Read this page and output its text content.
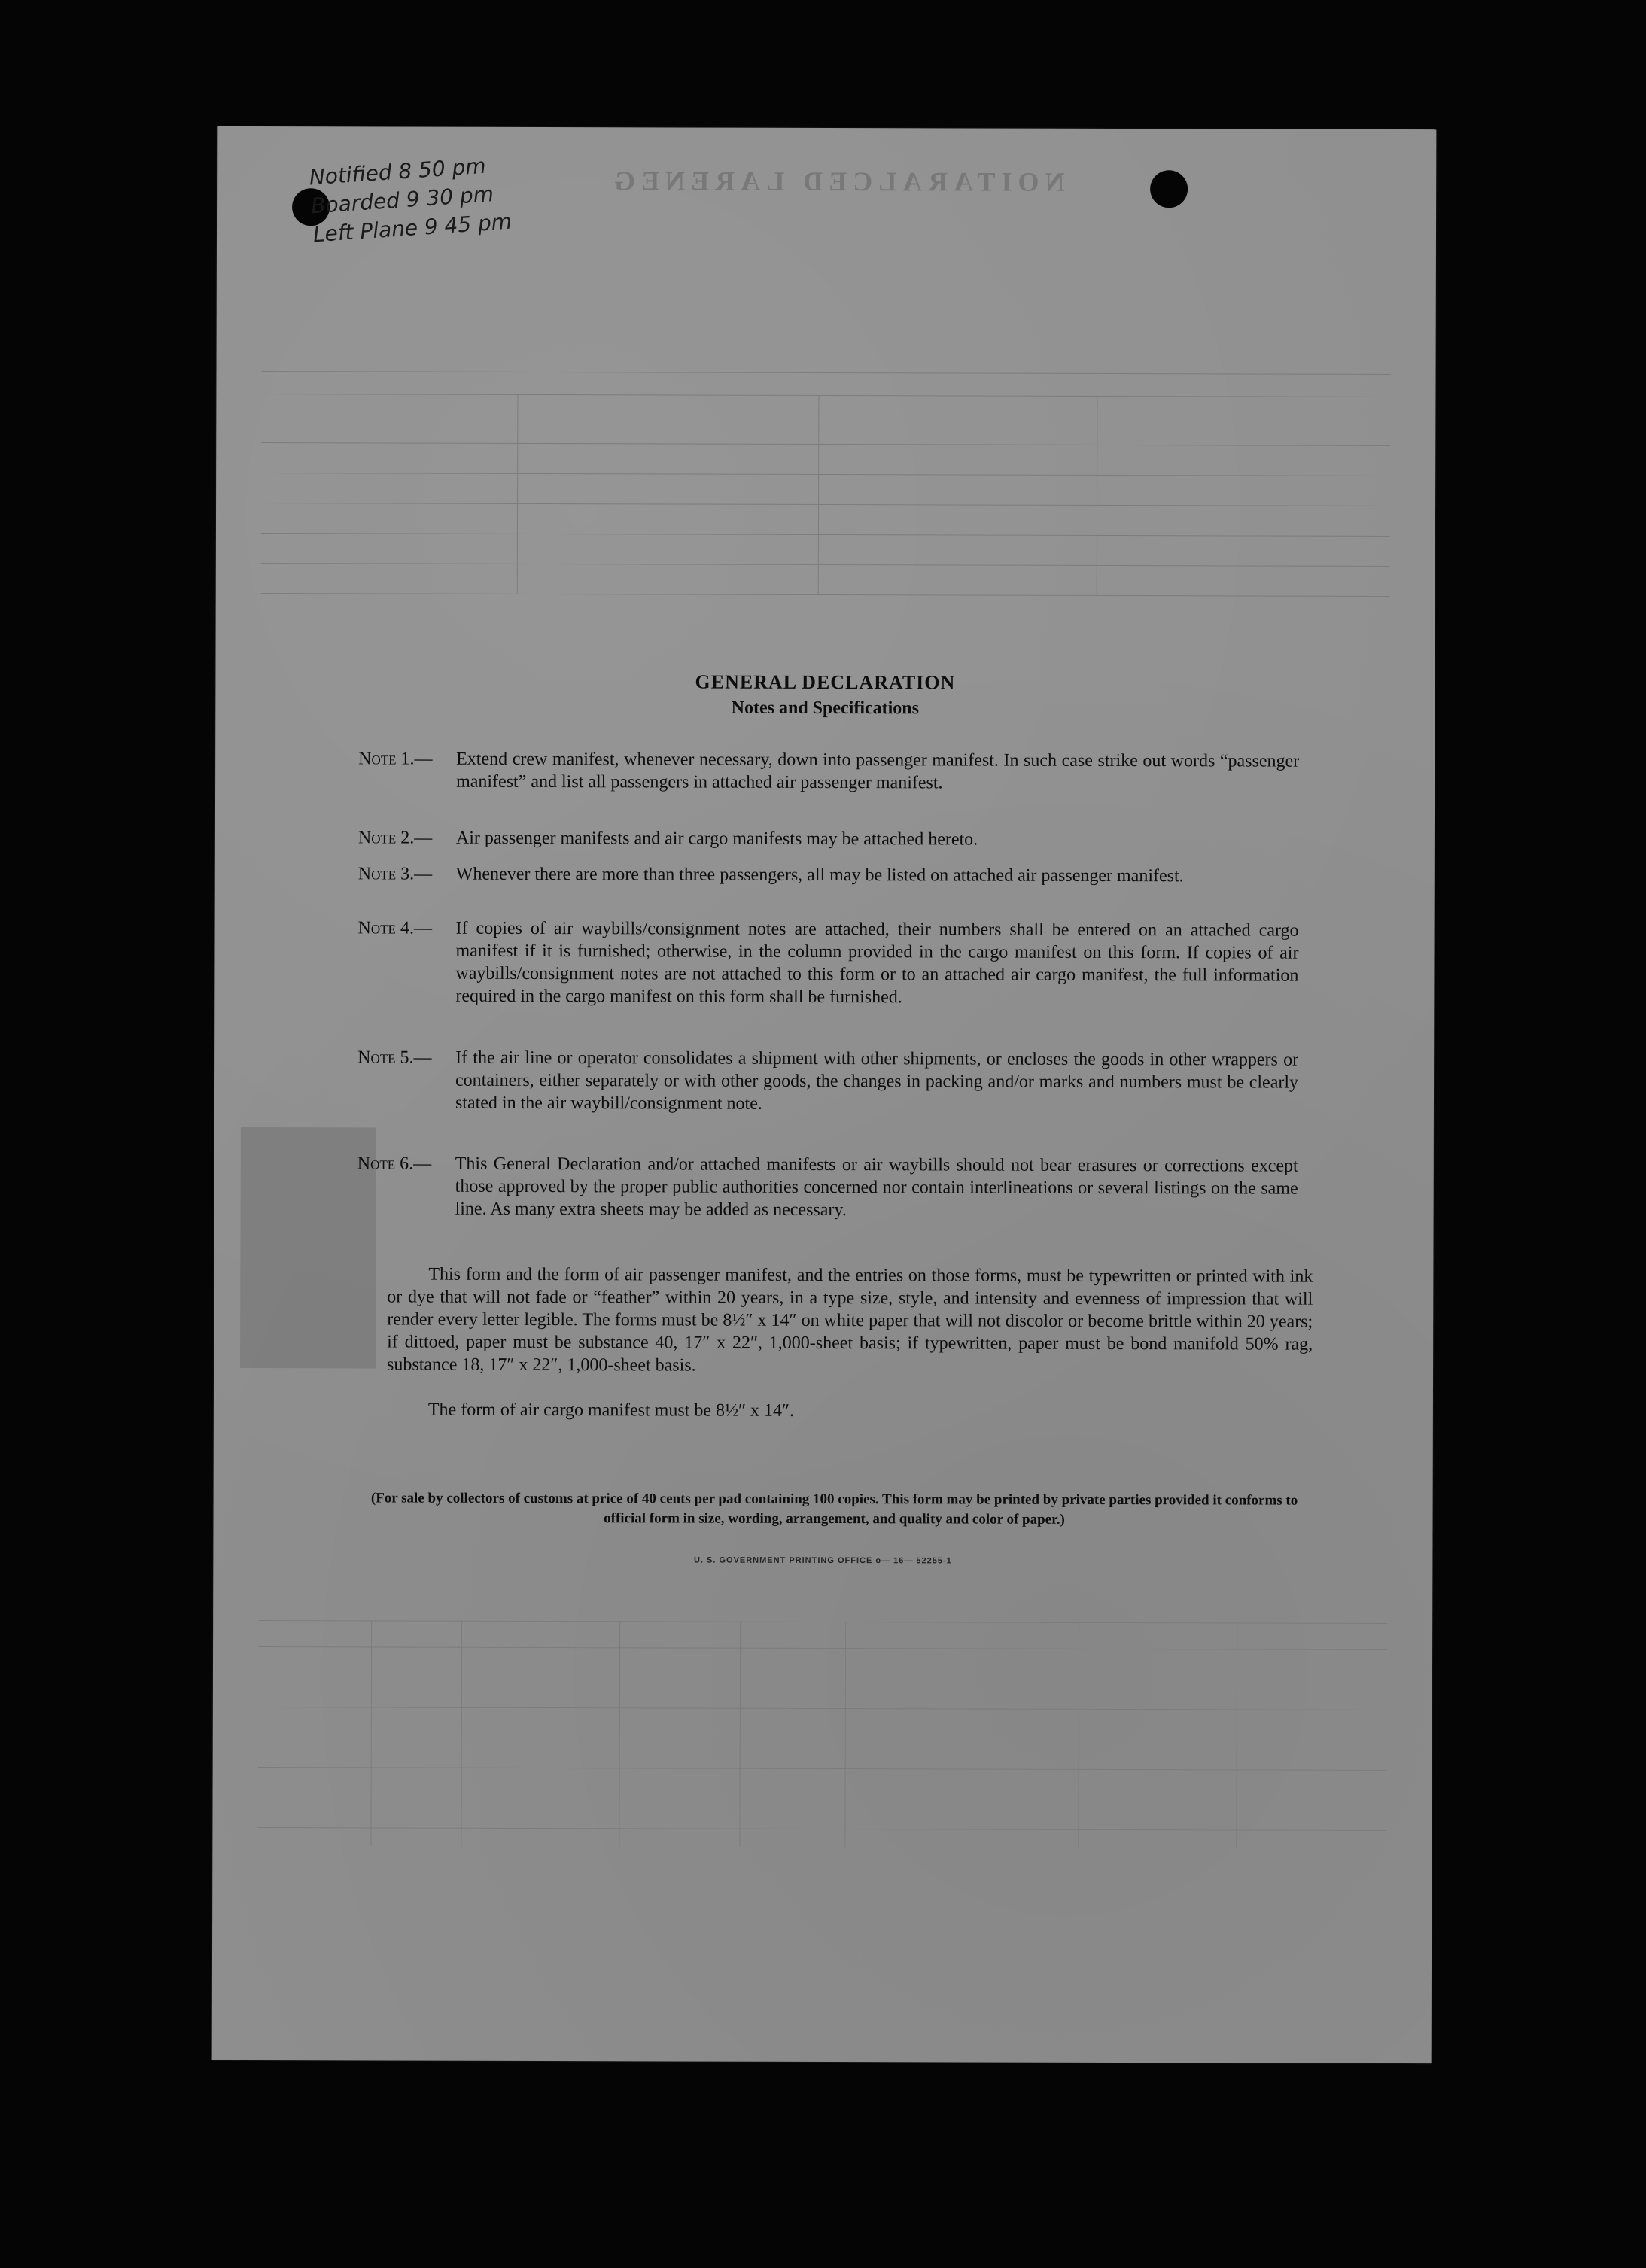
Notified 8 50 pm
Boarded 9 30 pm
Left Plane 9 45 pm
NOITARALCED LARENEG
GENERAL DECLARATION
Notes and Specifications
Note 1.— Extend crew manifest, whenever necessary, down into passenger manifest. In such case strike out words “passenger manifest” and list all passengers in attached air passenger manifest.
Note 2.— Air passenger manifests and air cargo manifests may be attached hereto.
Note 3.— Whenever there are more than three passengers, all may be listed on attached air passenger manifest.
Note 4.— If copies of air waybills/consignment notes are attached, their numbers shall be entered on an attached cargo manifest if it is furnished; otherwise, in the column provided in the cargo manifest on this form. If copies of air waybills/consignment notes are not attached to this form or to an attached air cargo manifest, the full information required in the cargo manifest on this form shall be furnished.
Note 5.— If the air line or operator consolidates a shipment with other shipments, or encloses the goods in other wrappers or containers, either separately or with other goods, the changes in packing and/or marks and numbers must be clearly stated in the air waybill/consignment note.
Note 6.— This General Declaration and/or attached manifests or air waybills should not bear erasures or corrections except those approved by the proper public authorities concerned nor contain interlineations or several listings on the same line. As many extra sheets may be added as necessary.
This form and the form of air passenger manifest, and the entries on those forms, must be typewritten or printed with ink or dye that will not fade or “feather” within 20 years, in a type size, style, and intensity and evenness of impression that will render every letter legible. The forms must be 8½″ x 14″ on white paper that will not discolor or become brittle within 20 years; if dittoed, paper must be substance 40, 17″ x 22″, 1,000-sheet basis; if typewritten, paper must be bond manifold 50% rag, substance 18, 17″ x 22″, 1,000-sheet basis.
The form of air cargo manifest must be 8½″ x 14″.
(For sale by collectors of customs at price of 40 cents per pad containing 100 copies. This form may be printed by private parties provided it conforms to official form in size, wording, arrangement, and quality and color of paper.)
U. S. GOVERNMENT PRINTING OFFICE o— 16— 52255-1
